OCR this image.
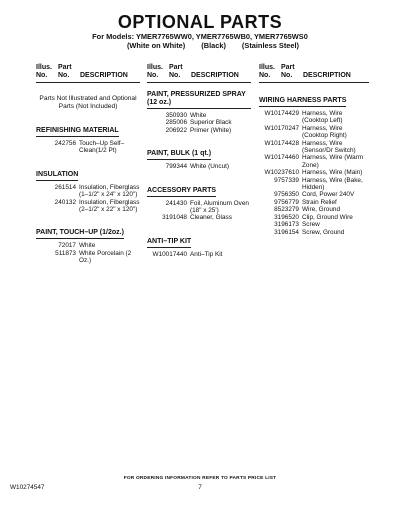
OPTIONAL PARTS
For Models: YMER7765WW0, YMER7765WB0, YMER7765WS0
(White on White) (Black) (Stainless Steel)
Illus.
No.
Part
No.	DESCRIPTION
Parts Not Illustrated and Optional Parts (Not Included)
REFINISHING MATERIAL
242756 Touch–Up Self–Clean(1/2 Pt)
INSULATION
261514 Insulation, Fiberglass (1–1/2" x 24" x 120")
240132 Insulation, Fiberglass (2–1/2" x 22" x 120")
PAINT, TOUCH–UP (1/2oz.)
72017 White
511873 White Porcelain (2 Oz.)
Illus.
No.
Part
No.	DESCRIPTION
PAINT, PRESSURIZED SPRAY (12 oz.)
350930 White
285006 Superior Black
206922 Primer (White)
PAINT, BULK (1 qt.)
799344 White (Uncut)
ACCESSORY PARTS
241430 Foil, Aluminum Oven (18" x 25')
3191048 Cleaner, Glass
ANTI–TIP KIT
W10017440 Anti–Tip Kit
Illus.
No.
Part
No.	DESCRIPTION
WIRING HARNESS PARTS
W10174429 Harness, Wire (Cooktop Left)
W10170247 Harness, Wire (Cooktop Right)
W10174428 Harness, Wire (Sensor/Dr Switch)
W10174460 Harness, Wire (Warm Zone)
W10237610 Harness, Wire (Main)
9757339 Harness, Wire (Bake, Hidden)
9756350 Cord, Power 240V
9756779 Strain Relief
8523279 Wire, Ground
3196520 Clip, Ground Wire
3196173 Screw
3196154 Screw, Ground
FOR ORDERING INFORMATION REFER TO PARTS PRICE LIST
W10274547	7
